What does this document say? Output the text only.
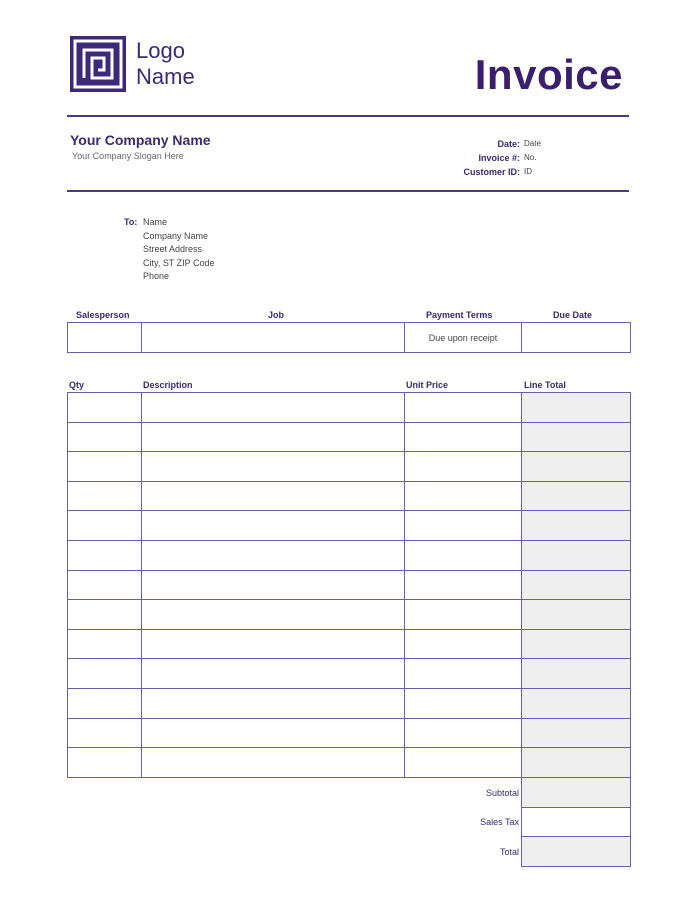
Logo
Name	Invoice
Your Company Name
Your Company Slogan Here
Date: Date
Invoice #: No.
Customer ID: ID
To: Name
Company Name
Street Address
City, ST ZIP Code
Phone
Salesperson	Job	Payment Terms	Due Date
		Due upon receipt	
Qty	Description	Unit Price	Line Total

Subtotal
Sales Tax
Total
